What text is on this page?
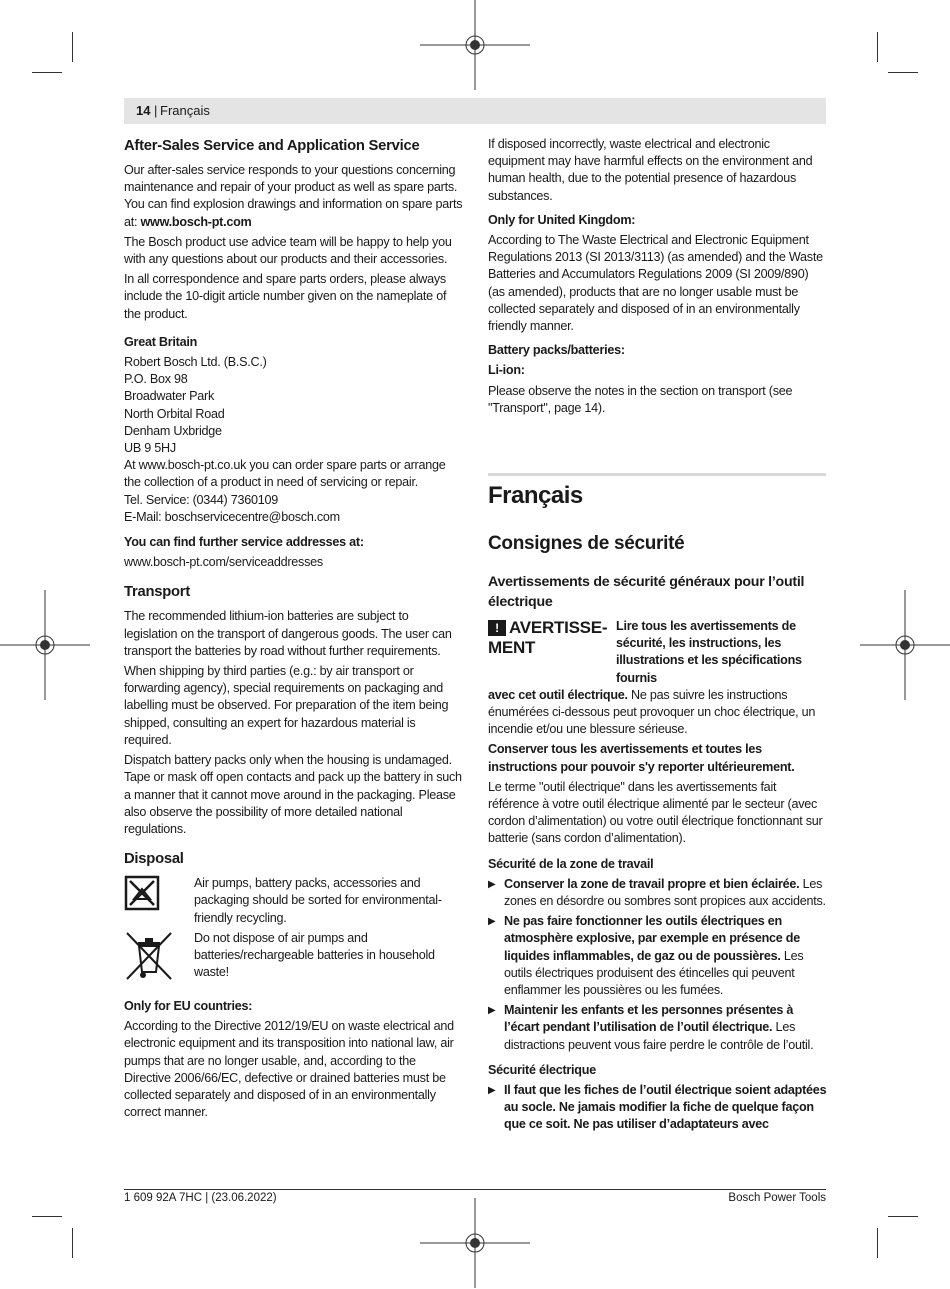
14 | Français
After-Sales Service and Application Service

Our after-sales service responds to your questions concerning maintenance and repair of your product as well as spare parts. You can find explosion drawings and information on spare parts at: www.bosch-pt.com

The Bosch product use advice team will be happy to help you with any questions about our products and their accessories.

In all correspondence and spare parts orders, please always include the 10-digit article number given on the nameplate of the product.

Great Britain
Robert Bosch Ltd. (B.S.C.)
P.O. Box 98
Broadwater Park
North Orbital Road
Denham Uxbridge
UB 9 5HJ
At www.bosch-pt.co.uk you can order spare parts or arrange the collection of a product in need of servicing or repair.
Tel. Service: (0344) 7360109
E-Mail: boschservicecentre@bosch.com
You can find further service addresses at:

www.bosch-pt.com/serviceaddresses

Transport

The recommended lithium-ion batteries are subject to legislation on the transport of dangerous goods. The user can transport the batteries by road without further requirements.

When shipping by third parties (e.g.: by air transport or forwarding agency), special requirements on packaging and labelling must be observed. For preparation of the item being shipped, consulting an expert for hazardous material is required.

Dispatch battery packs only when the housing is undamaged. Tape or mask off open contacts and pack up the battery in such a manner that it cannot move around in the packaging. Please also observe the possibility of more detailed national regulations.

Disposal
Air pumps, battery packs, accessories and packaging should be sorted for environmental-friendly recycling.
Do not dispose of air pumps and batteries/rechargeable batteries in household waste!
Only for EU countries:

According to the Directive 2012/19/EU on waste electrical and electronic equipment and its transposition into national law, air pumps that are no longer usable, and, according to the Directive 2006/66/EC, defective or drained batteries must be collected separately and disposed of in an environmentally correct manner.

If disposed incorrectly, waste electrical and electronic equipment may have harmful effects on the environment and human health, due to the potential presence of hazardous substances.

Only for United Kingdom:

According to The Waste Electrical and Electronic Equipment Regulations 2013 (SI 2013/3113) (as amended) and the Waste Batteries and Accumulators Regulations 2009 (SI 2009/890) (as amended), products that are no longer usable must be collected separately and disposed of in an environmentally friendly manner.

Battery packs/batteries:
Li-ion:

Please observe the notes in the section on transport (see "Transport", page 14).

Français
Consignes de sécurité
Avertissements de sécurité généraux pour l’outil électrique
! AVERTISSE-MENT
Lire tous les avertissements de sécurité, les instructions, les illustrations et les spécifications fournis

avec cet outil électrique. Ne pas suivre les instructions énumérées ci-dessous peut provoquer un choc électrique, un incendie et/ou une blessure sérieuse.

Conserver tous les avertissements et toutes les instructions pour pouvoir s'y reporter ultérieurement.

Le terme "outil électrique" dans les avertissements fait référence à votre outil électrique alimenté par le secteur (avec cordon d’alimentation) ou votre outil électrique fonctionnant sur batterie (sans cordon d’alimentation).

Sécurité de la zone de travail
▶ Conserver la zone de travail propre et bien éclairée. Les zones en désordre ou sombres sont propices aux accidents.
▶ Ne pas faire fonctionner les outils électriques en atmosphère explosive, par exemple en présence de liquides inflammables, de gaz ou de poussières. Les outils électriques produisent des étincelles qui peuvent enflammer les poussières ou les fumées.
▶ Maintenir les enfants et les personnes présentes à l’écart pendant l’utilisation de l’outil électrique. Les distractions peuvent vous faire perdre le contrôle de l’outil.
Sécurité électrique
▶ Il faut que les fiches de l’outil électrique soient adaptées au socle. Ne jamais modifier la fiche de quelque façon que ce soit. Ne pas utiliser d’adaptateurs avec
1 609 92A 7HC | (23.06.2022)	Bosch Power Tools
